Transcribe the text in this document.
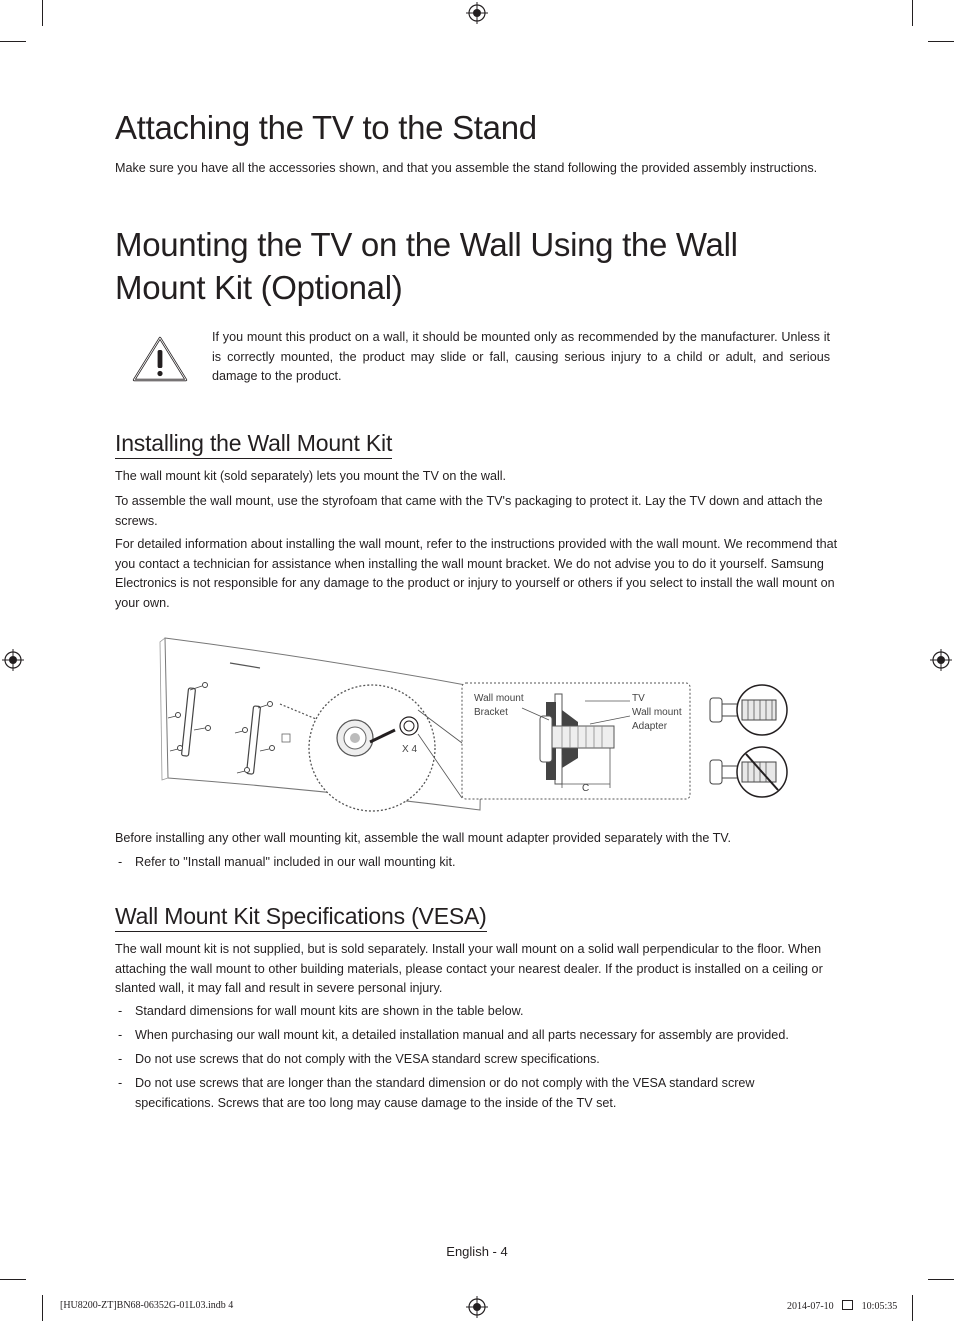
Attaching the TV to the Stand

Make sure you have all the accessories shown, and that you assemble the stand following the provided assembly instructions.

Mounting the TV on the Wall Using the Wall
Mount Kit (Optional)

If you mount this product on a wall, it should be mounted only as recommended by the manufacturer. Unless it is correctly mounted, the product may slide or fall, causing serious injury to a child or adult, and serious damage to the product.

Installing the Wall Mount Kit

The wall mount kit (sold separately) lets you mount the TV on the wall.

To assemble the wall mount, use the styrofoam that came with the TV's packaging to protect it. Lay the TV down and attach the screws.

For detailed information about installing the wall mount, refer to the instructions provided with the wall mount. We recommend that you contact a technician for assistance when installing the wall mount bracket. We do not advise you to do it yourself. Samsung Electronics is not responsible for any damage to the product or injury to yourself or others if you select to install the wall mount on your own.

X 4
Wall mount
Bracket
TV
Wall mount
Adapter
C

Before installing any other wall mounting kit, assemble the wall mount adapter provided separately with the TV.

- Refer to "Install manual" included in our wall mounting kit.
Wall Mount Kit Specifications (VESA)

The wall mount kit is not supplied, but is sold separately. Install your wall mount on a solid wall perpendicular to the floor. When attaching the wall mount to other building materials, please contact your nearest dealer. If the product is installed on a ceiling or slanted wall, it may fall and result in severe personal injury.

- Standard dimensions for wall mount kits are shown in the table below.
- When purchasing our wall mount kit, a detailed installation manual and all parts necessary for assembly are provided.
- Do not use screws that do not comply with the VESA standard screw specifications.
- Do not use screws that are longer than the standard dimension or do not comply with the VESA standard screw specifications. Screws that are too long may cause damage to the inside of the TV set.
English - 4
[HU8200-ZT]BN68-06352G-01L03.indb 4	2014-07-10	10:05:35
